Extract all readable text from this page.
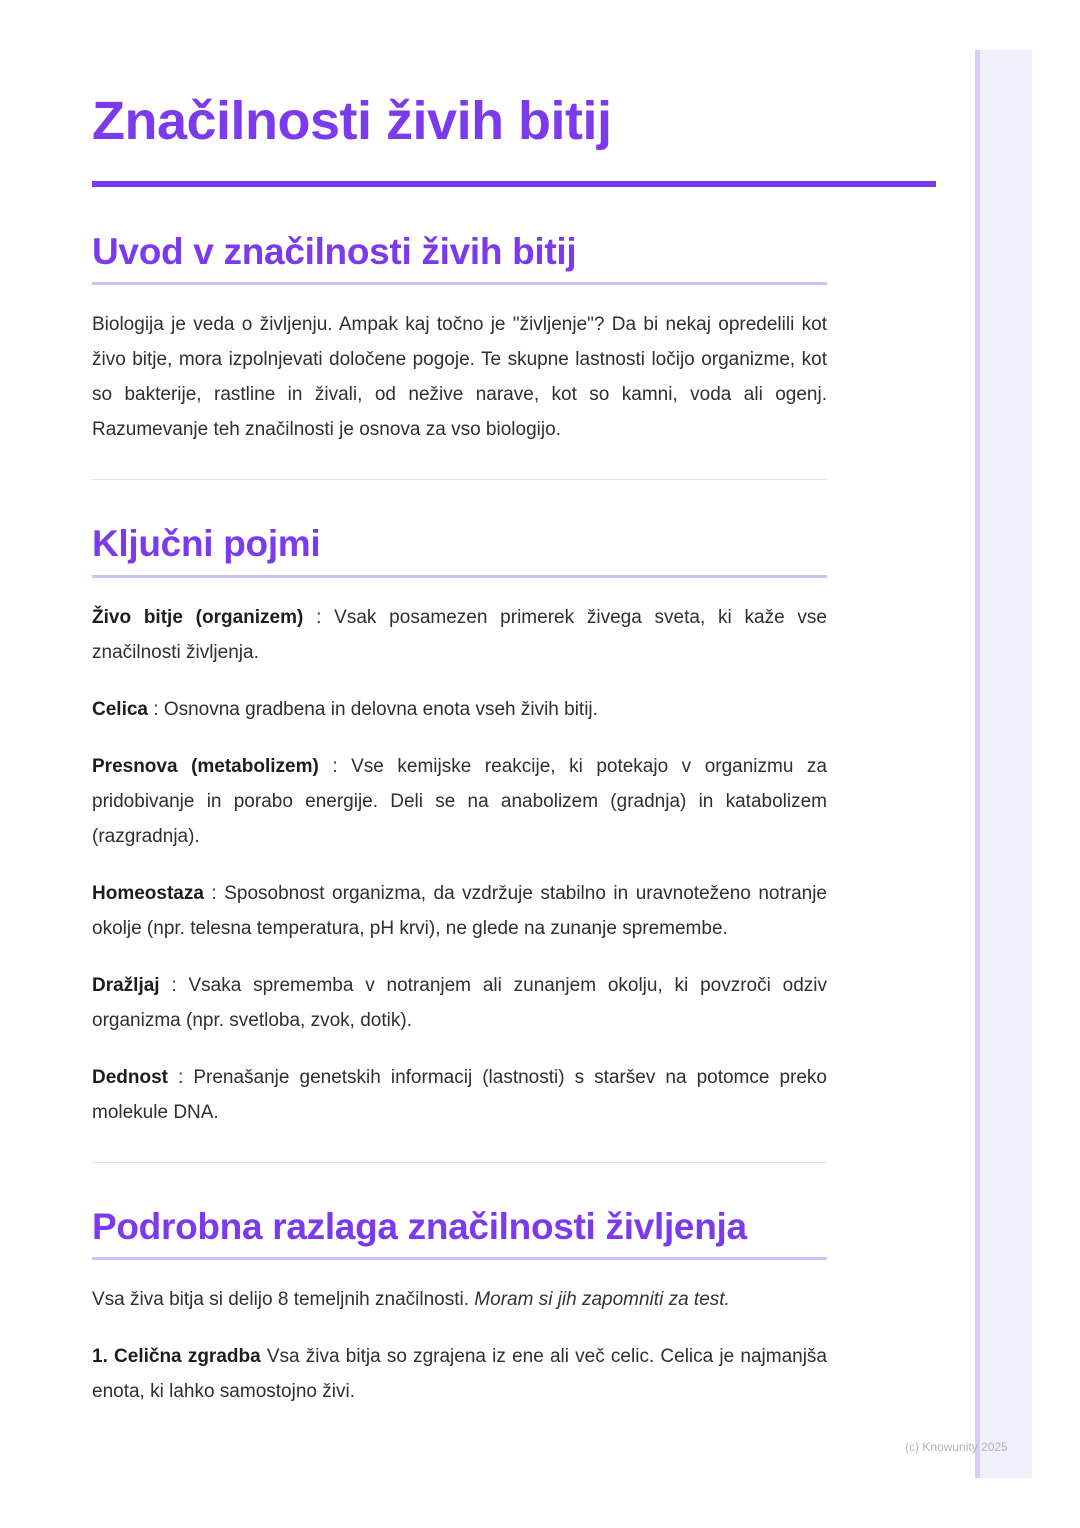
(c) Knowunity 2025
Značilnosti živih bitij
Uvod v značilnosti živih bitij

Biologija je veda o življenju. Ampak kaj točno je "življenje"? Da bi nekaj opredelili kot živo bitje, mora izpolnjevati določene pogoje. Te skupne lastnosti ločijo organizme, kot so bakterije, rastline in živali, od nežive narave, kot so kamni, voda ali ogenj. Razumevanje teh značilnosti je osnova za vso biologijo.

Ključni pojmi

Živo bitje (organizem) : Vsak posamezen primerek živega sveta, ki kaže vse značilnosti življenja.

Celica : Osnovna gradbena in delovna enota vseh živih bitij.

Presnova (metabolizem) : Vse kemijske reakcije, ki potekajo v organizmu za pridobivanje in porabo energije. Deli se na anabolizem (gradnja) in katabolizem (razgradnja).

Homeostaza : Sposobnost organizma, da vzdržuje stabilno in uravnoteženo notranje okolje (npr. telesna temperatura, pH krvi), ne glede na zunanje spremembe.

Dražljaj : Vsaka sprememba v notranjem ali zunanjem okolju, ki povzroči odziv organizma (npr. svetloba, zvok, dotik).

Dednost : Prenašanje genetskih informacij (lastnosti) s staršev na potomce preko molekule DNA.

Podrobna razlaga značilnosti življenja

Vsa živa bitja si delijo 8 temeljnih značilnosti. Moram si jih zapomniti za test.

1. Celična zgradba Vsa živa bitja so zgrajena iz ene ali več celic. Celica je najmanjša enota, ki lahko samostojno živi.
